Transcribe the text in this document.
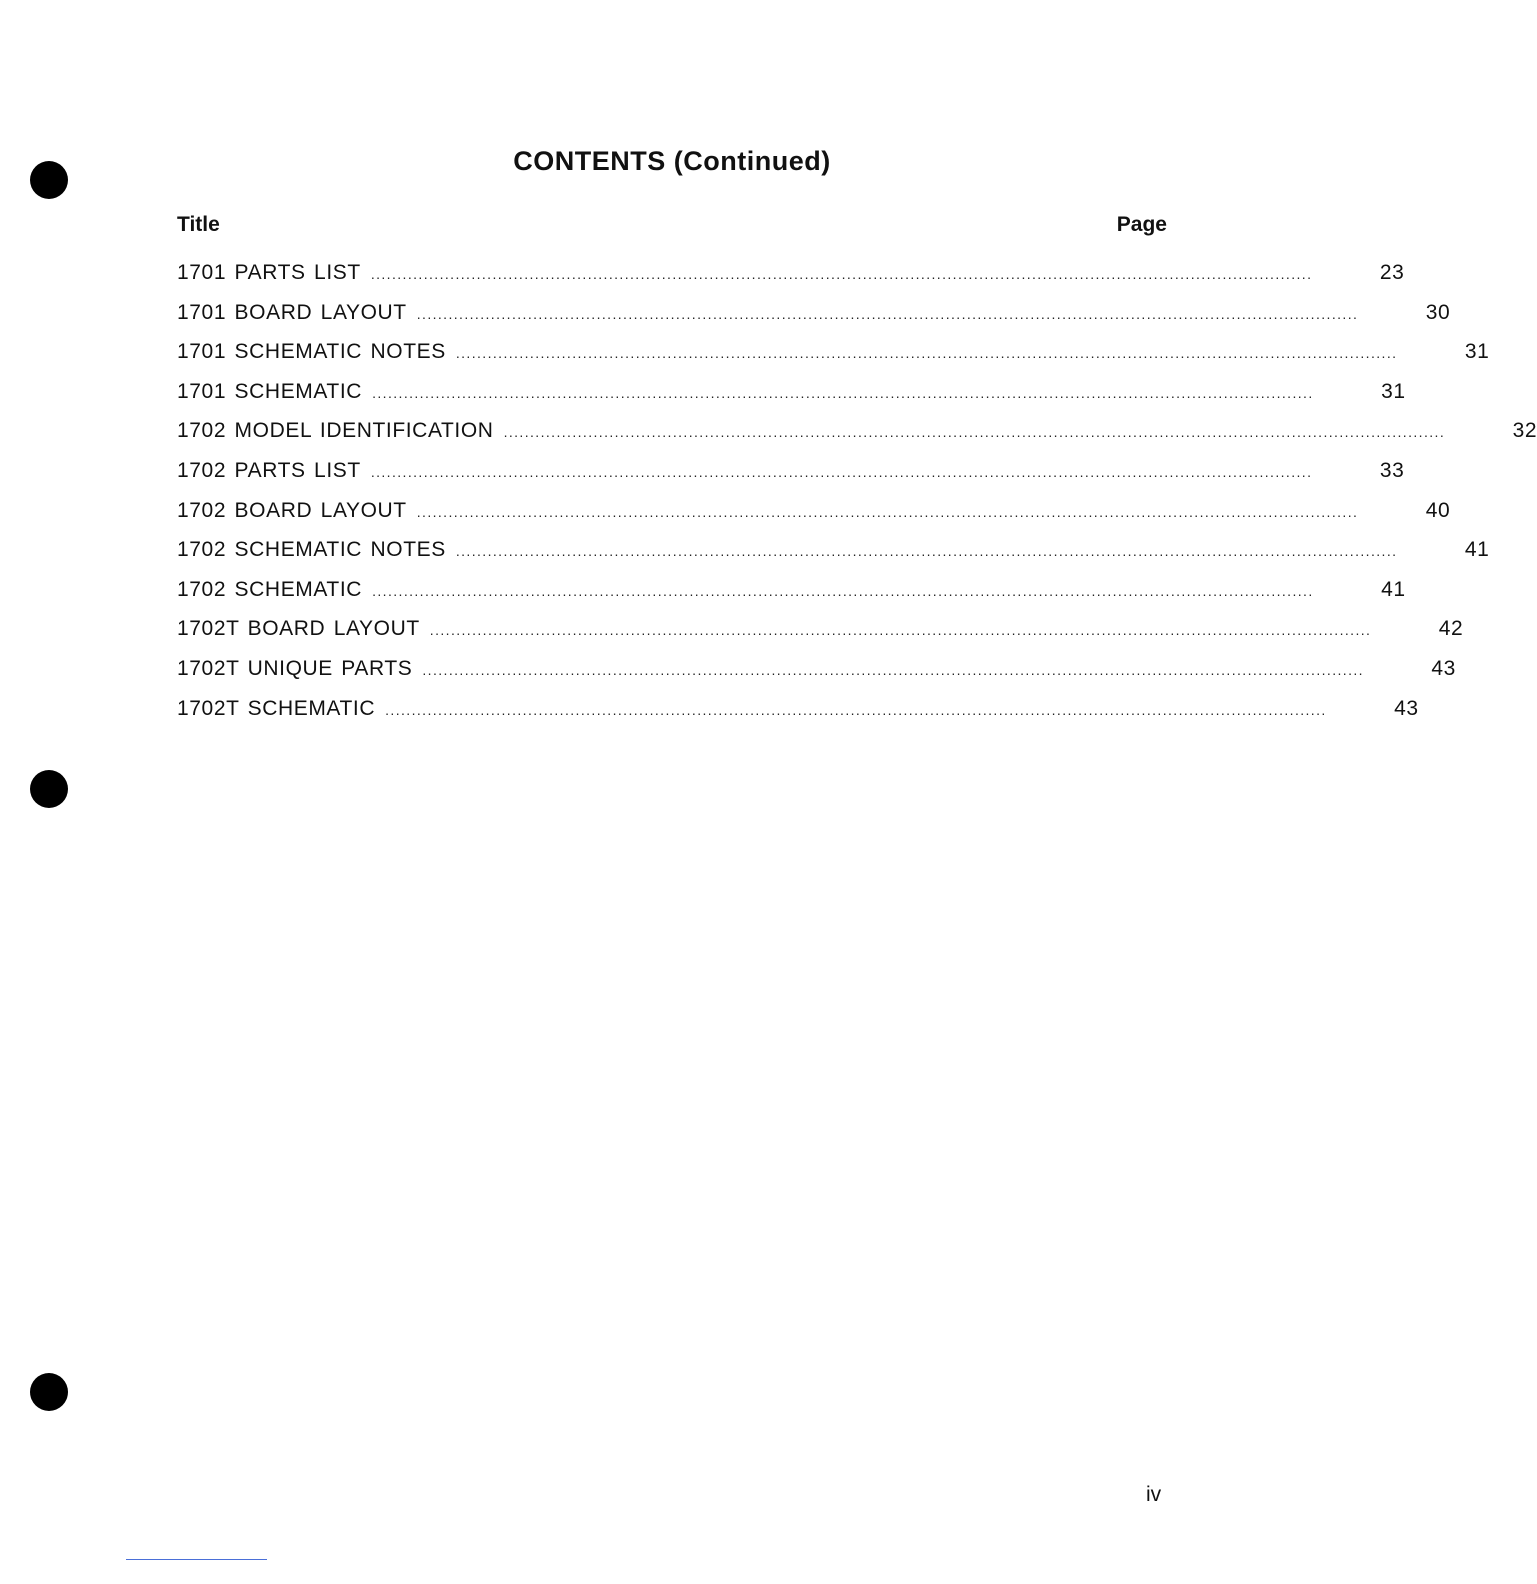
CONTENTS (Continued)
Title	Page
1701 PARTS LIST ..................................................................................................................................................................................	23
1701 BOARD LAYOUT ..................................................................................................................................................................................	30
1701 SCHEMATIC NOTES ..................................................................................................................................................................................	31
1701 SCHEMATIC ..................................................................................................................................................................................	31
1702 MODEL IDENTIFICATION ..................................................................................................................................................................................	32
1702 PARTS LIST ..................................................................................................................................................................................	33
1702 BOARD LAYOUT ..................................................................................................................................................................................	40
1702 SCHEMATIC NOTES ..................................................................................................................................................................................	41
1702 SCHEMATIC ..................................................................................................................................................................................	41
1702T BOARD LAYOUT ..................................................................................................................................................................................	42
1702T UNIQUE PARTS ..................................................................................................................................................................................	43
1702T SCHEMATIC ..................................................................................................................................................................................	43

iv
